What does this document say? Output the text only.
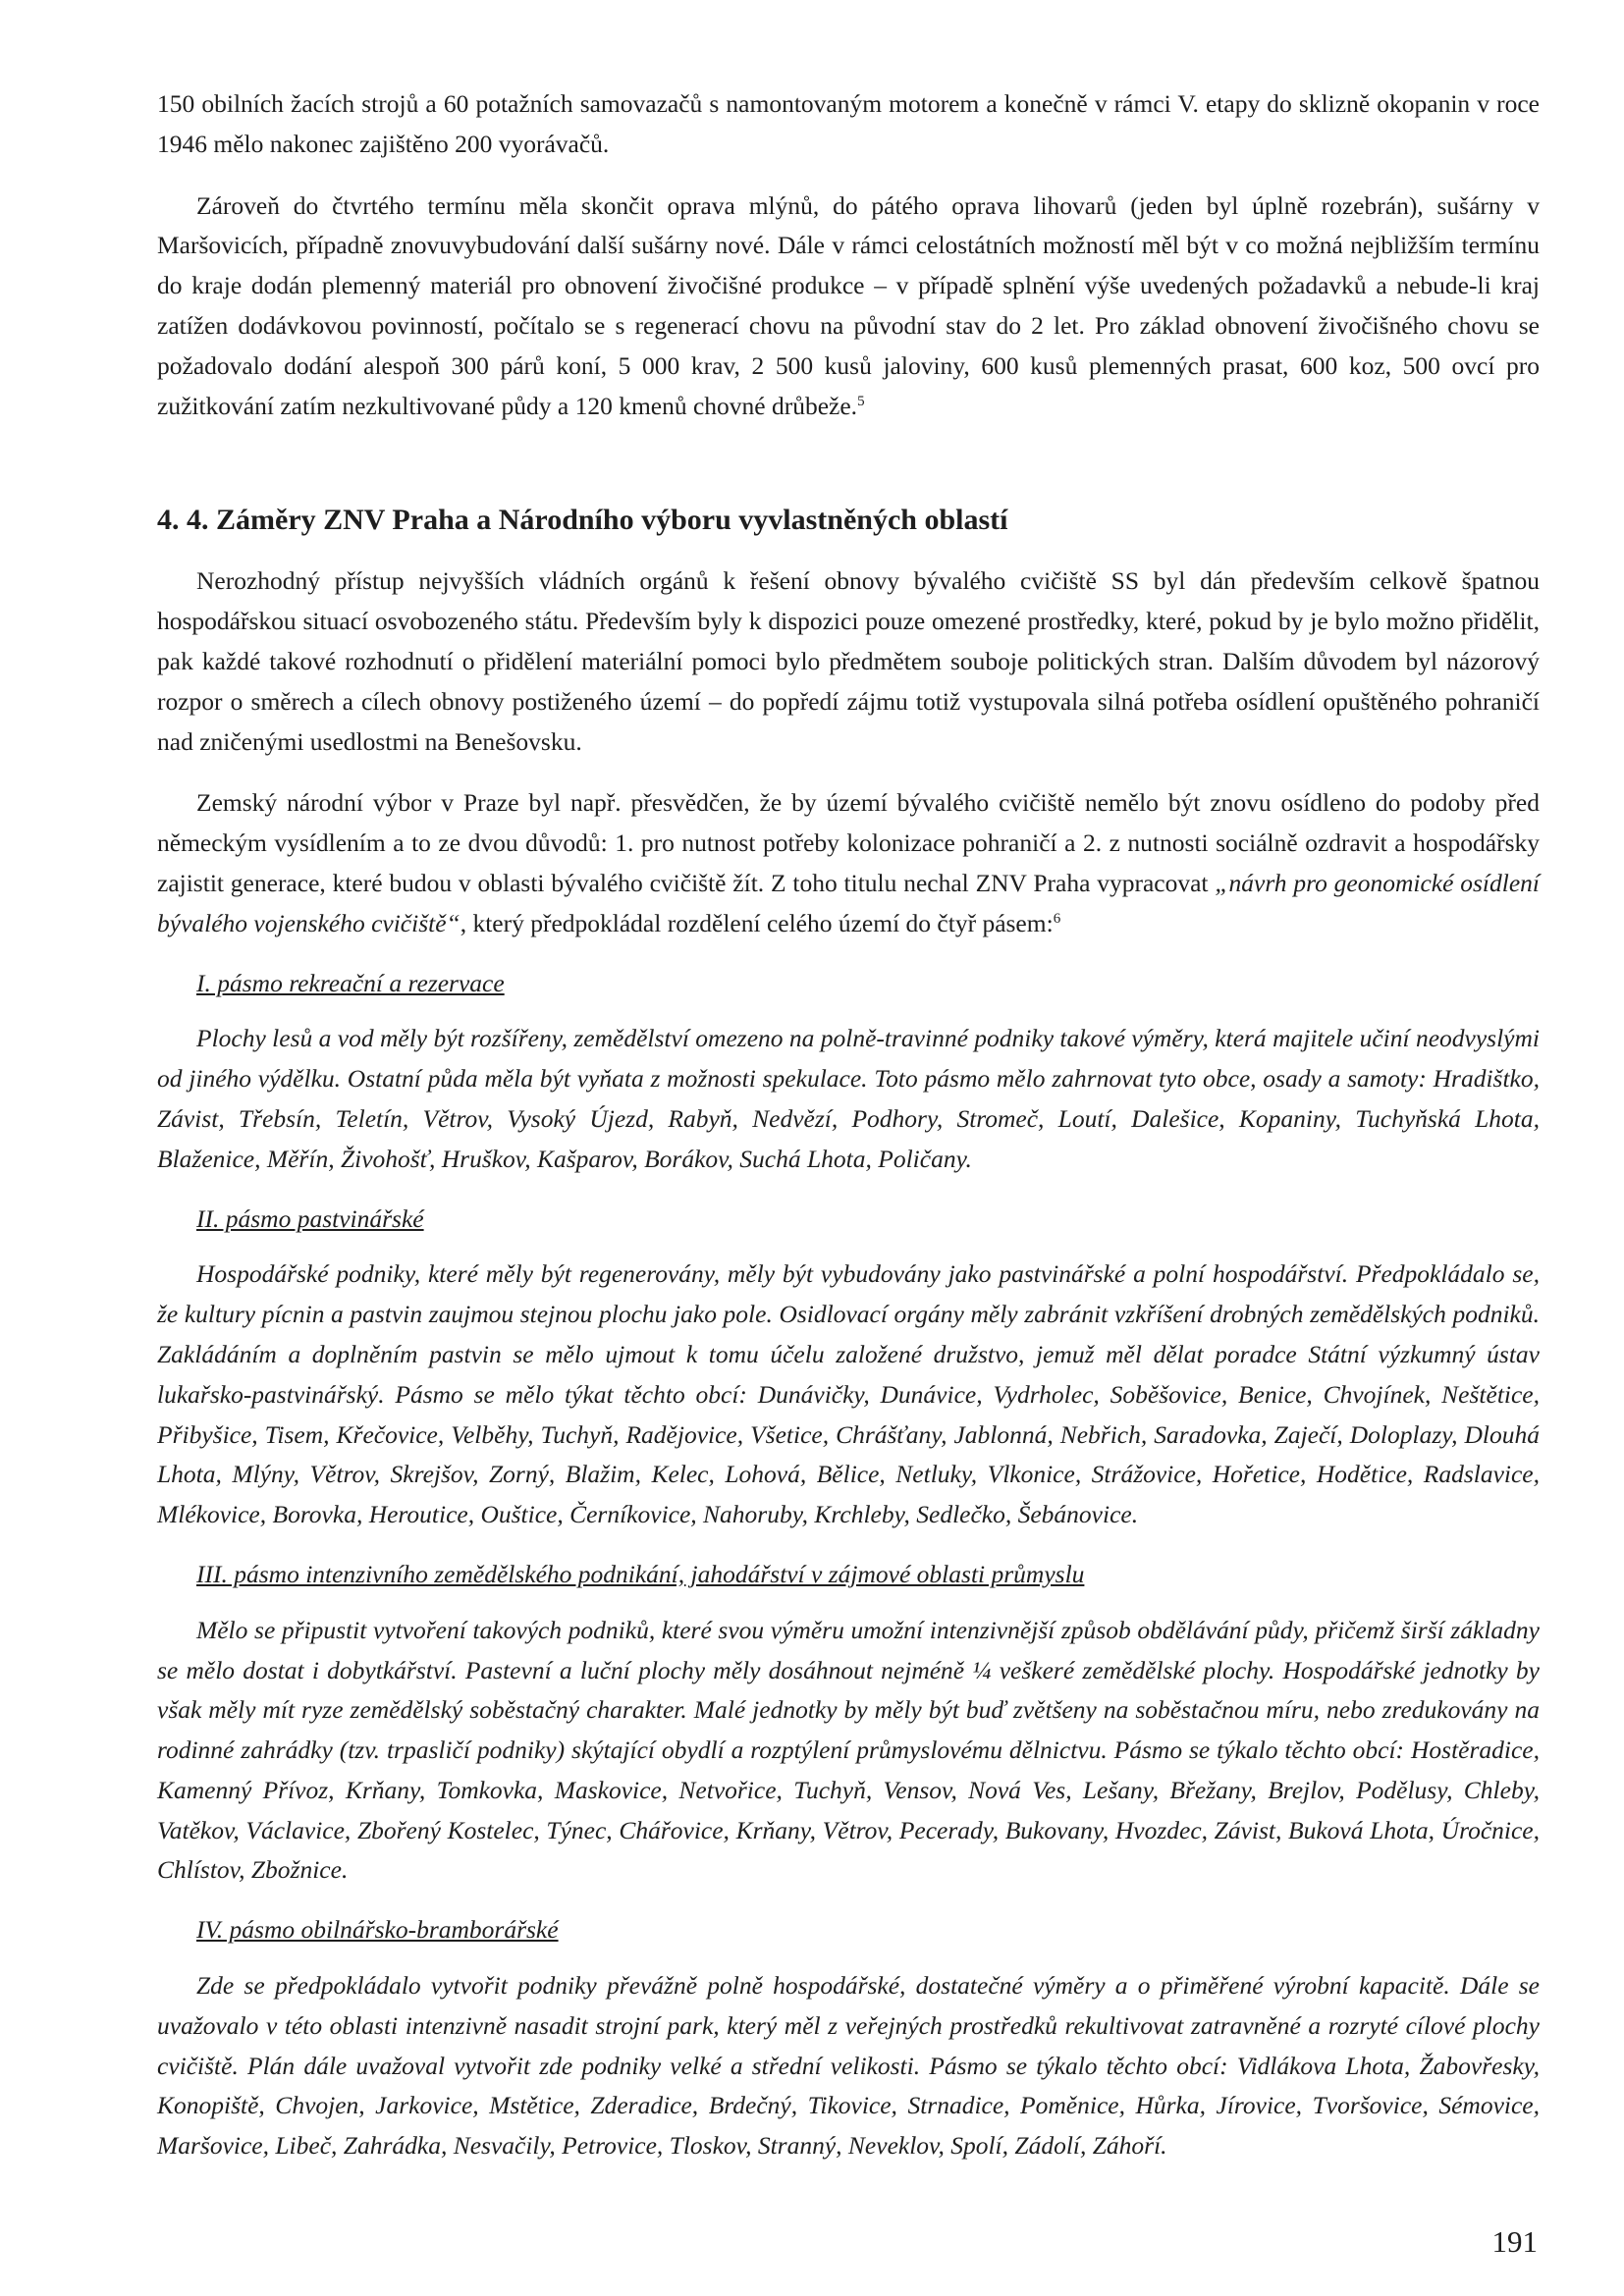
150 obilních žacích strojů a 60 potažních samovazačů s namontovaným motorem a konečně v rámci V. etapy do sklizně okopanin v roce 1946 mělo nakonec zajištěno 200 vyorávačů.

Zároveň do čtvrtého termínu měla skončit oprava mlýnů, do pátého oprava lihovarů (jeden byl úplně rozebrán), sušárny v Maršovicích, případně znovuvybudování další sušárny nové. Dále v rámci celostátních možností měl být v co možná nejbližším termínu do kraje dodán plemenný materiál pro obnovení živočišné produkce – v případě splnění výše uvedených požadavků a nebude-li kraj zatížen dodávkovou povinností, počítalo se s regenerací chovu na původní stav do 2 let. Pro základ obnovení živočišného chovu se požadovalo dodání alespoň 300 párů koní, 5 000 krav, 2 500 kusů jaloviny, 600 kusů plemenných prasat, 600 koz, 500 ovcí pro zužitkování zatím nezkultivované půdy a 120 kmenů chovné drůbeže.$^5$

4. 4. Záměry ZNV Praha a Národního výboru vyvlastněných oblastí

Nerozhodný přístup nejvyšších vládních orgánů k řešení obnovy bývalého cvičiště SS byl dán především celkově špatnou hospodářskou situací osvobozeného státu. Především byly k dispozici pouze omezené prostředky, které, pokud by je bylo možno přidělit, pak každé takové rozhodnutí o přidělení materiální pomoci bylo předmětem souboje politických stran. Dalším důvodem byl názorový rozpor o směrech a cílech obnovy postiženého území – do popředí zájmu totiž vystupovala silná potřeba osídlení opuštěného pohraničí nad zničenými usedlostmi na Benešovsku.

Zemský národní výbor v Praze byl např. přesvědčen, že by území bývalého cvičiště nemělo být znovu osídleno do podoby před německým vysídlením a to ze dvou důvodů: 1. pro nutnost potřeby kolonizace pohraničí a 2. z nutnosti sociálně ozdravit a hospodářsky zajistit generace, které budou v oblasti bývalého cvičiště žít. Z toho titulu nechal ZNV Praha vypracovat „návrh pro geonomické osídlení bývalého vojenského cvičiště“, který předpokládal rozdělení celého území do čtyř pásem:$^6$

I. pásmo rekreační a rezervace

Plochy lesů a vod měly být rozšířeny, zemědělství omezeno na polně-travinné podniky takové výměry, která majitele učiní neodvyslými od jiného výdělku. Ostatní půda měla být vyňata z možnosti spekulace. Toto pásmo mělo zahrnovat tyto obce, osady a samoty: Hradištko, Závist, Třebsín, Teletín, Větrov, Vysoký Újezd, Rabyň, Nedvězí, Podhory, Stromeč, Loutí, Dalešice, Kopaniny, Tuchyňská Lhota, Blaženice, Měřín, Živohošť, Hruškov, Kašparov, Borákov, Suchá Lhota, Poličany.

II. pásmo pastvinářské

Hospodářské podniky, které měly být regenerovány, měly být vybudovány jako pastvinářské a polní hospodářství. Předpokládalo se, že kultury pícnin a pastvin zaujmou stejnou plochu jako pole. Osidlovací orgány měly zabránit vzkříšení drobných zemědělských podniků. Zakládáním a doplněním pastvin se mělo ujmout k tomu účelu založené družstvo, jemuž měl dělat poradce Státní výzkumný ústav lukařsko-pastvinářský. Pásmo se mělo týkat těchto obcí: Dunávičky, Dunávice, Vydrholec, Soběšovice, Benice, Chvojínek, Neštětice, Přibyšice, Tisem, Křečovice, Velběhy, Tuchyň, Radějovice, Všetice, Chrášťany, Jablonná, Nebřich, Saradovka, Zaječí, Doloplazy, Dlouhá Lhota, Mlýny, Větrov, Skrejšov, Zorný, Blažim, Kelec, Lohová, Bělice, Netluky, Vlkonice, Strážovice, Hořetice, Hodětice, Radslavice, Mlékovice, Borovka, Heroutice, Ouštice, Černíkovice, Nahoruby, Krchleby, Sedlečko, Šebánovice.

III. pásmo intenzivního zemědělského podnikání, jahodářství v zájmové oblasti průmyslu

Mělo se připustit vytvoření takových podniků, které svou výměru umožní intenzivnější způsob obdělávání půdy, přičemž širší základny se mělo dostat i dobytkářství. Pastevní a luční plochy měly dosáhnout nejméně ¼ veškeré zemědělské plochy. Hospodářské jednotky by však měly mít ryze zemědělský soběstačný charakter. Malé jednotky by měly být buď zvětšeny na soběstačnou míru, nebo zredukovány na rodinné zahrádky (tzv. trpasličí podniky) skýtající obydlí a rozptýlení průmyslovému dělnictvu. Pásmo se týkalo těchto obcí: Hostěradice, Kamenný Přívoz, Krňany, Tomkovka, Maskovice, Netvořice, Tuchyň, Vensov, Nová Ves, Lešany, Břežany, Brejlov, Podělusy, Chleby, Vatěkov, Václavice, Zbořený Kostelec, Týnec, Chářovice, Krňany, Větrov, Pecerady, Bukovany, Hvozdec, Závist, Buková Lhota, Úročnice, Chlístov, Zbožnice.

IV. pásmo obilnářsko-bramborářské

Zde se předpokládalo vytvořit podniky převážně polně hospodářské, dostatečné výměry a o přiměřené výrobní kapacitě. Dále se uvažovalo v této oblasti intenzivně nasadit strojní park, který měl z veřejných prostředků rekultivovat zatravněné a rozryté cílové plochy cvičiště. Plán dále uvažoval vytvořit zde podniky velké a střední velikosti. Pásmo se týkalo těchto obcí: Vidlákova Lhota, Žabovřesky, Konopiště, Chvojen, Jarkovice, Mstětice, Zderadice, Brdečný, Tikovice, Strnadice, Poměnice, Hůrka, Jírovice, Tvoršovice, Sémovice, Maršovice, Libeč, Zahrádka, Nesvačily, Petrovice, Tloskov, Stranný, Neveklov, Spolí, Zádolí, Záhoří.

191
